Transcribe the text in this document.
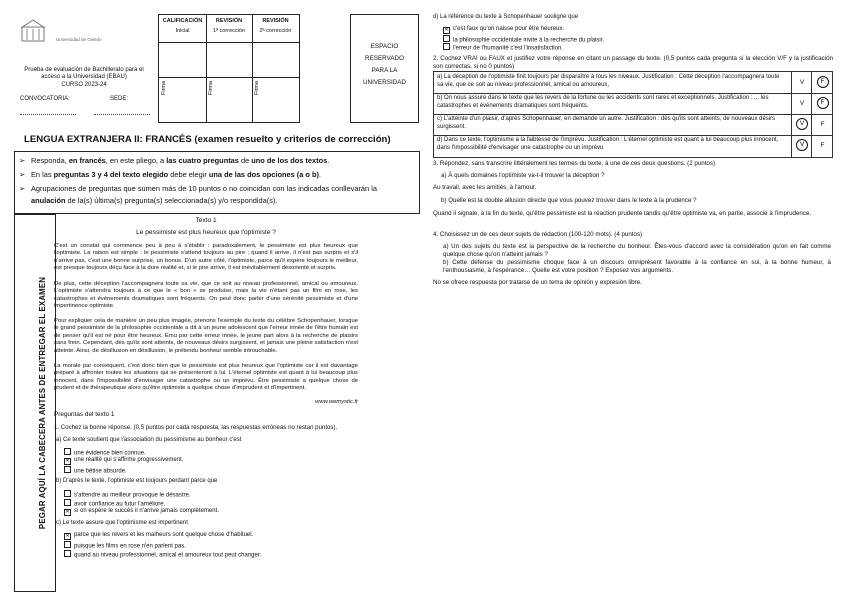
Universidad de Oviedo
Prueba de evaluación de Bachillerato para el
acceso a la Universidad (EBAU)
CURSO 2023-24
CONVOCATORIA:	SEDE:
CALIFICACIÓN
Inicial
Firma
REVISIÓN
1ª corrección
Firma
REVISIÓN
2ª corrección
Firma
ESPACIO
RESERVADO
PARA LA
UNIVERSIDAD
LENGUA EXTRANJERA II: FRANCÉS (examen resuelto y criterios de corrección)
➢ Responda, en francés, en este pliego, a las cuatro preguntas de uno de los dos textos.
➢ En las preguntas 3 y 4 del texto elegido debe elegir una de las dos opciones (a o b).
➢ Agrupaciones de preguntas que sumen más de 10 puntos o no coincidan con las indicadas conllevarán la
anulación de la(s) última(s) pregunta(s) seleccionada(s) y/o respondida(s).
PEGAR AQUÍ LA CABECERA ANTES DE ENTREGAR EL EXAMEN
Texto 1
Le pessimiste est plus heureux que l'optimiste ?
C'est un constat qui commence peu à peu à s'établir : paradoxalement, le pessimiste est plus heureux que l'optimiste. La raison est simple : le pessimiste s'attend toujours au pire ; quand il arrive, il n'est pas surpris et s'il n'arrive pas, c'est une bonne surprise, un bonus. D'un autre côté, l'optimiste, parce qu'il espère toujours le meilleur, est presque toujours déçu face à la dure réalité et, si le pire arrive, il est inévitablement désorienté et surpris.
De plus, cette déception l'accompagnera toute sa vie, que ce soit au niveau professionnel, amical ou amoureux. L'optimiste s'attendra toujours à ce que le « bon » se produise, mais la vie n'étant pas un film en rose, les catastrophes et événements dramatiques sont fréquents. On peut donc parler d'une sérénité pessimiste et d'une impertinence optimiste.
Pour expliquer cela de manière un peu plus imagée, prenons l'exemple du texte du célèbre Schopenhauer, lorsque le grand pessimiste de la philosophie occidentale a dit à un jeune adolescent que l'erreur innée de l'être humain est de penser qu'il est né pour être heureux. Ému par cette erreur innée, le jeune part alors à la recherche de plaisirs sans frein. Cependant, dès qu'ils sont atteints, de nouveaux désirs surgissent, et jamais une pleine satisfaction n'est atteinte. Ainsi, de désillusion en désillusion, le prétendu bonheur semble introuchable.
La morale par conséquent, c'est donc bien que le pessimiste est plus heureux que l'optimiste car il est davantage préparé à affronter toutes les situations qui se présenteront à lui. L'éternel optimiste est quant à lui beaucoup plus innocent, dans l'impossibilité d'envisager une catastrophe ou un imprévu. Être pessimiste a quelque chose de prudent et de thérapeutique alors qu'être optimiste a quelque chose d'imprudent et d'impertinent.
www.wemystic.fr
Preguntas del texto 1
1. Cochez la bonne réponse. (0,5 puntos por cada respuesta, las respuestas erróneas no restan puntos).
a) Ce texte soutient que l'association du pessimisme au bonheur c'est
une évidence bien connue.
✕ une réalité qui s'affirme progressivement.
une bêtise absurde.
b) D'après le texte, l'optimiste est toujours perdant parce que
s'attendre au meilleur provoque le désastre.
avoir confiance au futur l'améliore.
✕ si on espère le succès il n'arrive jamais complètement.
c) Le texte assure que l'optimisme est impertinent
✕ parce que les revers et les malheurs sont quelque chose d'habituel.
puisque les films en rose n'en parlent pas.
quand au niveau professionnel, amical et amoureux tout peut changer.
d) La référence du texte à Schopenhauer souligne que
✕ c'est faux qu'on naisse pour être heureux.
la philosophie occidentale invite à la recherche du plaisir.
l'erreur de l'humanité c'est l'insatisfaction.
2. Cochez VRAI ou FAUX et justifiez votre réponse en citant un passage du texte. (0,5 puntos cada pregunta si la elección V/F y la justificación son correctas, si no 0 puntos)
a) La déception de l'optimiste finit toujours par disparaître à tous les niveaux. Justification : Cette déception l'accompagnera toute sa vie, que ce soit au niveau professionnel, amical ou amoureux,	V	F
b) On nous assure dans le texte que les revers de la fortune ou les accidents sont rares et exceptionnels. Justification : ... les catastrophes et événements dramatiques sont fréquents.	V	F
c) L'atteinte d'un plaisir, d'après Schopenhauer, en demande un autre. Justification : dès qu'ils sont atteints, de nouveaux désirs surgissent.	V	F
d) Dans ce texte, l'optimisme a la faiblesse de l'imprévu. Justification : L'éternel optimiste est quant à lui beaucoup plus innocent, dans l'impossibilité d'envisager une catastrophe ou un imprévu	V	F
3. Répondez, sans transcrire littéralement les termes du texte, à une de ces deux questions. (2 puntos)
a) À quels domaines l'optimiste va-t-il trouver la déception ?
Au travail, avec les amitiés, à l'amour.
b) Quelle est la double allusion directe que vous pouvez trouver dans le texte à la prudence ?
Quand il signale, à la fin du texte, qu'être pessimiste est la réaction prudente tandis qu'être optimiste va, en partie, associé à l'imprudence.
4. Choisissez un de ces deux sujets de rédaction (100-120 mots). (4 puntos)
a) Un des sujets du texte est la perspective de la recherche du bonheur. Êtes-vous d'accord avec la considération qu'on en fait comme quelque chose qu'on n'atteint jamais ?
b) Cette défense du pessimisme choque face à un discours omniprésent favorable à la confiance en soi, à la bonne humeur, à l'enthousiasme, à l'espérance… Quelle est votre position ? Exposez vos arguments.
No se ofrece respuesta por tratarse de un tema de opinión y expresión libre.
